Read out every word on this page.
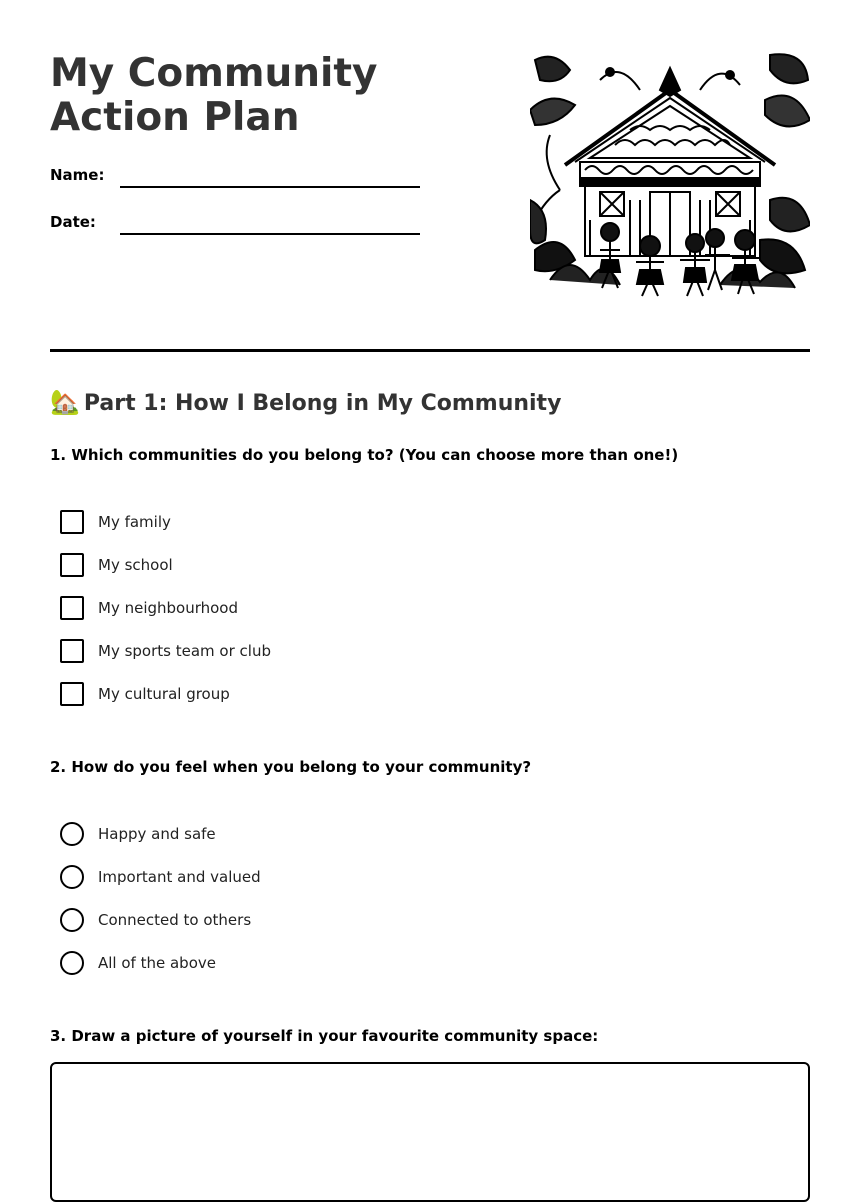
My Community Action Plan
Name:
Date:
🏡 Part 1: How I Belong in My Community
1. Which communities do you belong to? (You can choose more than one!)
My family
My school
My neighbourhood
My sports team or club
My cultural group
2. How do you feel when you belong to your community?
Happy and safe
Important and valued
Connected to others
All of the above
3. Draw a picture of yourself in your favourite community space:
